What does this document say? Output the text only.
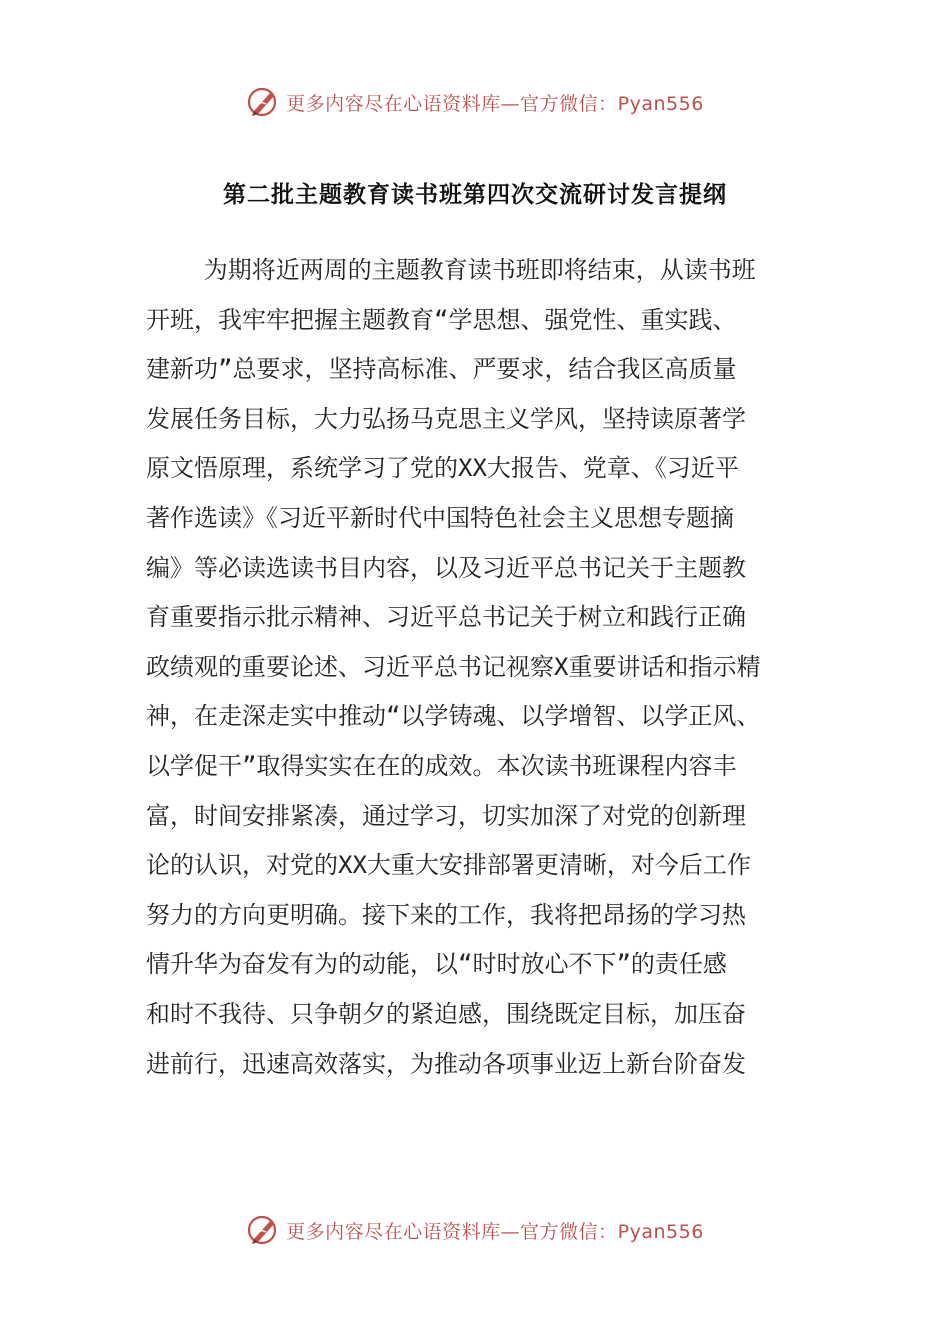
更多内容尽在心语资料库—官方微信：Pyan556
第二批主题教育读书班第四次交流研讨发言提纲
为期将近两周的主题教育读书班即将结束，从读书班
开班，我牢牢把握主题教育“学思想、强党性、重实践、
建新功”总要求，坚持高标准、严要求，结合我区高质量
发展任务目标，大力弘扬马克思主义学风，坚持读原著学
原文悟原理，系统学习了党的XX大报告、党章、《习近平
著作选读》《习近平新时代中国特色社会主义思想专题摘
编》等必读选读书目内容，以及习近平总书记关于主题教
育重要指示批示精神、习近平总书记关于树立和践行正确
政绩观的重要论述、习近平总书记视察X重要讲话和指示精
神，在走深走实中推动“以学铸魂、以学增智、以学正风、
以学促干”取得实实在在的成效。本次读书班课程内容丰
富，时间安排紧凑，通过学习，切实加深了对党的创新理
论的认识，对党的XX大重大安排部署更清晰，对今后工作
努力的方向更明确。接下来的工作，我将把昂扬的学习热
情升华为奋发有为的动能，以“时时放心不下”的责任感
和时不我待、只争朝夕的紧迫感，围绕既定目标，加压奋
进前行，迅速高效落实，为推动各项事业迈上新台阶奋发
更多内容尽在心语资料库—官方微信：Pyan556
